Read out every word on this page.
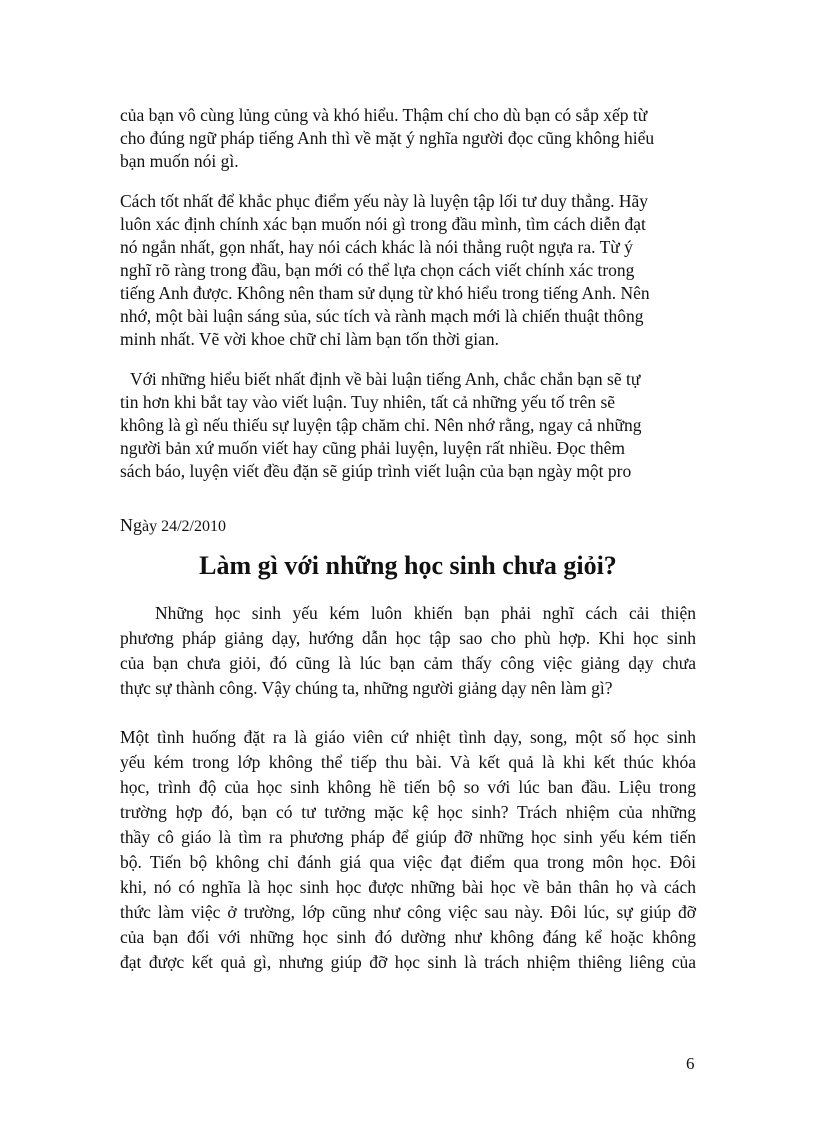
của bạn vô cùng lủng củng và khó hiểu. Thậm chí cho dù bạn có sắp xếp từ
cho đúng ngữ pháp tiếng Anh thì về mặt ý nghĩa người đọc cũng không hiểu
bạn muốn nói gì.
Cách tốt nhất để khắc phục điểm yếu này là luyện tập lối tư duy thẳng. Hãy
luôn xác định chính xác bạn muốn nói gì trong đầu mình, tìm cách diễn đạt
nó ngắn nhất, gọn nhất, hay nói cách khác là nói thẳng ruột ngựa ra. Từ ý
nghĩ rõ ràng trong đầu, bạn mới có thể lựa chọn cách viết chính xác trong
tiếng Anh được. Không nên tham sử dụng từ khó hiểu trong tiếng Anh. Nên
nhớ, một bài luận sáng sủa, súc tích và rành mạch mới là chiến thuật thông
minh nhất. Vẽ vời khoe chữ chỉ làm bạn tốn thời gian.
Với những hiểu biết nhất định về bài luận tiếng Anh, chắc chắn bạn sẽ tự
tin hơn khi bắt tay vào viết luận. Tuy nhiên, tất cả những yếu tố trên sẽ
không là gì nếu thiếu sự luyện tập chăm chỉ. Nên nhớ rằng, ngay cả những
người bản xứ muốn viết hay cũng phải luyện, luyện rất nhiều. Đọc thêm
sách báo, luyện viết đều đặn sẽ giúp trình viết luận của bạn ngày một pro
Ngày 24/2/2010
Làm gì với những học sinh chưa giỏi?
Những học sinh yếu kém luôn khiến bạn phải nghĩ cách cải thiện
phương pháp giảng dạy, hướng dẫn học tập sao cho phù hợp. Khi học sinh
của bạn chưa giỏi, đó cũng là lúc bạn cảm thấy công việc giảng dạy chưa
thực sự thành công. Vậy chúng ta, những người giảng dạy nên làm gì?
Một tình huống đặt ra là giáo viên cứ nhiệt tình dạy, song, một số học sinh
yếu kém trong lớp không thể tiếp thu bài. Và kết quả là khi kết thúc khóa
học, trình độ của học sinh không hề tiến bộ so với lúc ban đầu. Liệu trong
trường hợp đó, bạn có tư tưởng mặc kệ học sinh? Trách nhiệm của những
thầy cô giáo là tìm ra phương pháp để giúp đỡ những học sinh yếu kém tiến
bộ. Tiến bộ không chỉ đánh giá qua việc đạt điểm qua trong môn học. Đôi
khi, nó có nghĩa là học sinh học được những bài học về bản thân họ và cách
thức làm việc ở trường, lớp cũng như công việc sau này. Đôi lúc, sự giúp đỡ
của bạn đối với những học sinh đó dường như không đáng kể hoặc không
đạt được kết quả gì, nhưng giúp đỡ học sinh là trách nhiệm thiêng liêng của
6
